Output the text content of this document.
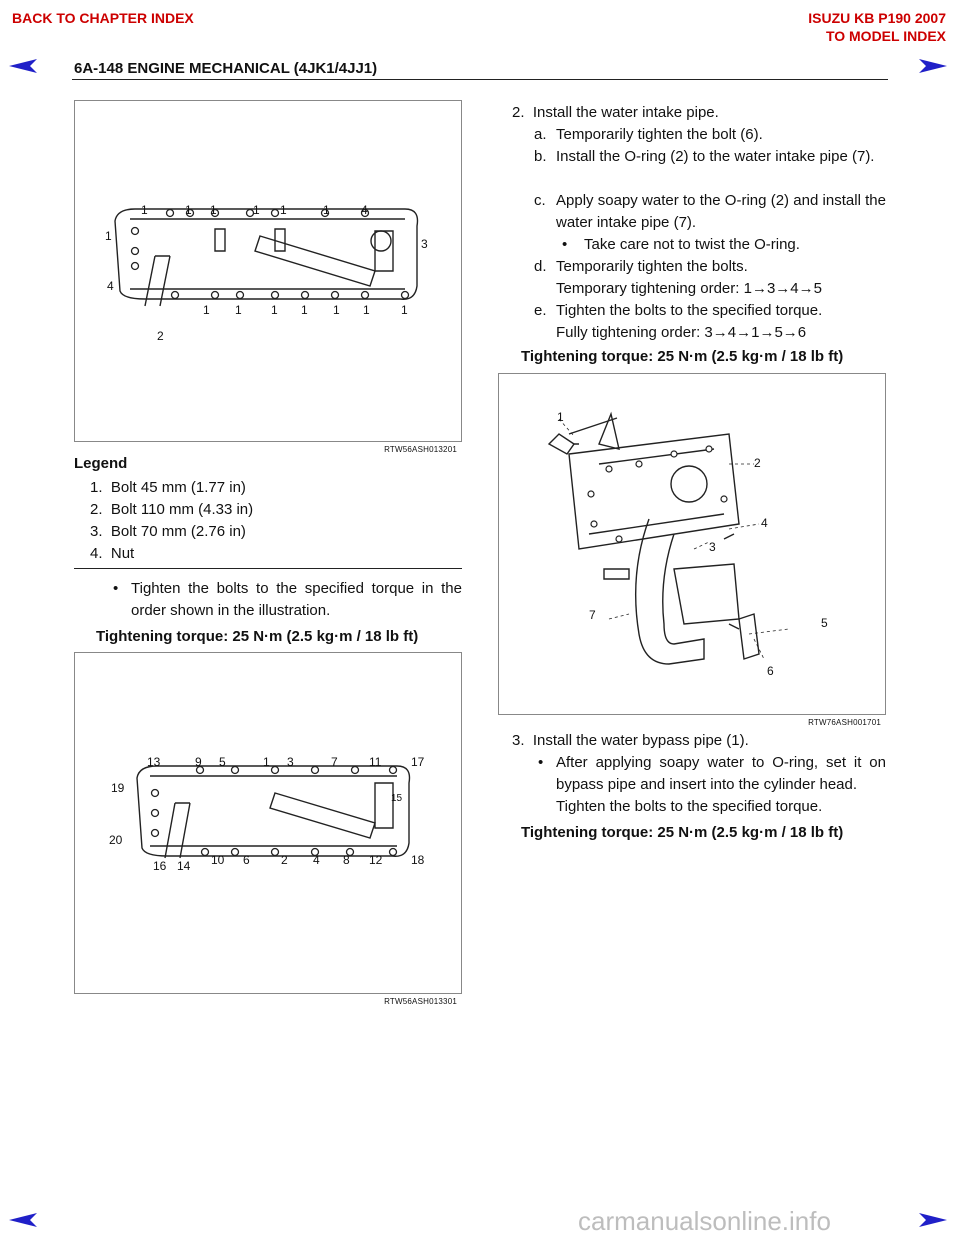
BACK TO CHAPTER INDEX	ISUZU KB P190 2007
TO MODEL INDEX
6A-148 ENGINE MECHANICAL (4JK1/4JJ1)
1	1 1	1 1	1	4
1
3
4
1 1 1 1 1 1	1
2
RTW56ASH013201
Legend
1. Bolt 45 mm (1.77 in)
2. Bolt 110 mm (4.33 in)
3. Bolt 70 mm (2.76 in)
4. Nut
• Tighten the bolts to the specified torque in the order shown in the illustration.
Tightening torque: 25 N·m (2.5 kg·m / 18 lb ft)
13	9 5	1 3	7	11 17
19
15
20
16 14 10 6	2 4 8 12 18
RTW56ASH013301
2. Install the water intake pipe.
a. Temporarily tighten the bolt (6).
b. Install the O-ring (2) to the water intake pipe (7).
c. Apply soapy water to the O-ring (2) and install the water intake pipe (7).
• Take care not to twist the O-ring.
d. Temporarily tighten the bolts.
Temporary tightening order: 1→3→4→5
e. Tighten the bolts to the specified torque.
Fully tightening order: 3→4→1→5→6
Tightening torque: 25 N·m (2.5 kg·m / 18 lb ft)
1
2
4
3
7
5
6
RTW76ASH001701
3. Install the water bypass pipe (1).
• After applying soapy water to O-ring, set it on bypass pipe and insert into the cylinder head.
Tighten the bolts to the specified torque.
Tightening torque: 25 N·m (2.5 kg·m / 18 lb ft)
carmanualsonline.info
